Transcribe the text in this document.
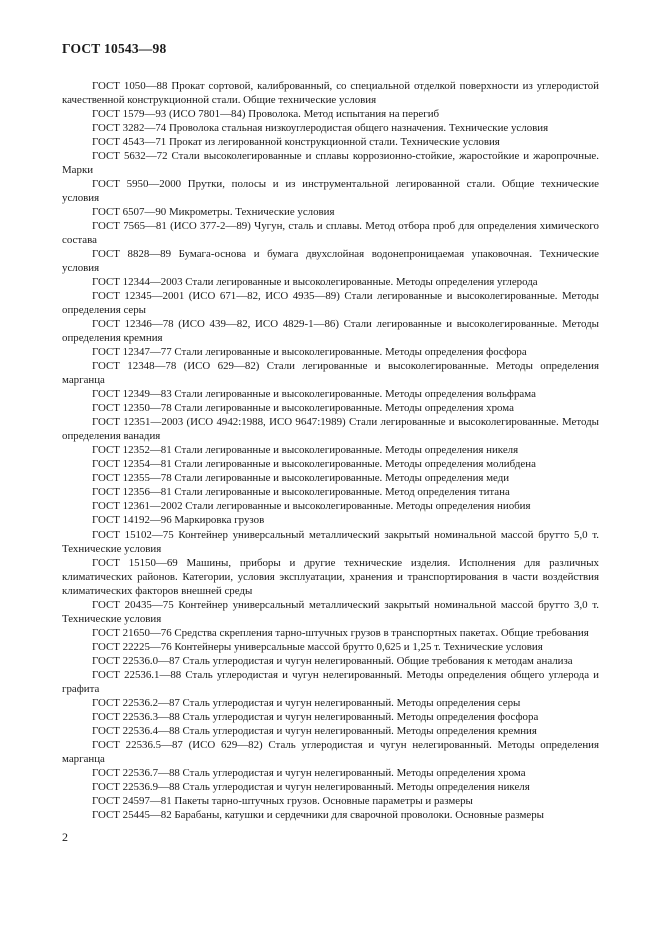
ГОСТ 10543—98

ГОСТ 1050—88 Прокат сортовой, калиброванный, со специальной отделкой поверхности из углеродистой качественной конструкционной стали. Общие технические условия

ГОСТ 1579—93 (ИСО 7801—84) Проволока. Метод испытания на перегиб

ГОСТ 3282—74 Проволока стальная низкоуглеродистая общего назначения. Технические условия

ГОСТ 4543—71 Прокат из легированной конструкционной стали. Технические условия

ГОСТ 5632—72 Стали высоколегированные и сплавы коррозионно-стойкие, жаростойкие и жаропрочные. Марки

ГОСТ 5950—2000 Прутки, полосы и из инструментальной легированной стали. Общие технические условия

ГОСТ 6507—90 Микрометры. Технические условия

ГОСТ 7565—81 (ИСО 377-2—89) Чугун, сталь и сплавы. Метод отбора проб для определения химического состава

ГОСТ 8828—89 Бумага-основа и бумага двухслойная водонепроницаемая упаковочная. Технические условия

ГОСТ 12344—2003 Стали легированные и высоколегированные. Методы определения углерода

ГОСТ 12345—2001 (ИСО 671—82, ИСО 4935—89) Стали легированные и высоколегированные. Методы определения серы

ГОСТ 12346—78 (ИСО 439—82, ИСО 4829-1—86) Стали легированные и высоколегированные. Методы определения кремния

ГОСТ 12347—77 Стали легированные и высоколегированные. Методы определения фосфора

ГОСТ 12348—78 (ИСО 629—82) Стали легированные и высоколегированные. Методы определения марганца

ГОСТ 12349—83 Стали легированные и высоколегированные. Методы определения вольфрама

ГОСТ 12350—78 Стали легированные и высоколегированные. Методы определения хрома

ГОСТ 12351—2003 (ИСО 4942:1988, ИСО 9647:1989) Стали легированные и высоколегированные. Методы определения ванадия

ГОСТ 12352—81 Стали легированные и высоколегированные. Методы определения никеля

ГОСТ 12354—81 Стали легированные и высоколегированные. Методы определения молибдена

ГОСТ 12355—78 Стали легированные и высоколегированные. Методы определения меди

ГОСТ 12356—81 Стали легированные и высоколегированные. Метод определения титана

ГОСТ 12361—2002 Стали легированные и высоколегированные. Методы определения ниобия

ГОСТ 14192—96 Маркировка грузов

ГОСТ 15102—75 Контейнер универсальный металлический закрытый номинальной массой брутто 5,0 т. Технические условия

ГОСТ 15150—69 Машины, приборы и другие технические изделия. Исполнения для различных климатических районов. Категории, условия эксплуатации, хранения и транспортирования в части воздействия климатических факторов внешней среды

ГОСТ 20435—75 Контейнер универсальный металлический закрытый номинальной массой брутто 3,0 т. Технические условия

ГОСТ 21650—76 Средства скрепления тарно-штучных грузов в транспортных пакетах. Общие требования

ГОСТ 22225—76 Контейнеры универсальные массой брутто 0,625 и 1,25 т. Технические условия

ГОСТ 22536.0—87 Сталь углеродистая и чугун нелегированный. Общие требования к методам анализа

ГОСТ 22536.1—88 Сталь углеродистая и чугун нелегированный. Методы определения общего углерода и графита

ГОСТ 22536.2—87 Сталь углеродистая и чугун нелегированный. Методы определения серы

ГОСТ 22536.3—88 Сталь углеродистая и чугун нелегированный. Методы определения фосфора

ГОСТ 22536.4—88 Сталь углеродистая и чугун нелегированный. Методы определения кремния

ГОСТ 22536.5—87 (ИСО 629—82) Сталь углеродистая и чугун нелегированный. Методы определения марганца

ГОСТ 22536.7—88 Сталь углеродистая и чугун нелегированный. Методы определения хрома

ГОСТ 22536.9—88 Сталь углеродистая и чугун нелегированный. Методы определения никеля

ГОСТ 24597—81 Пакеты тарно-штучных грузов. Основные параметры и размеры

ГОСТ 25445—82 Барабаны, катушки и сердечники для сварочной проволоки. Основные размеры

2
